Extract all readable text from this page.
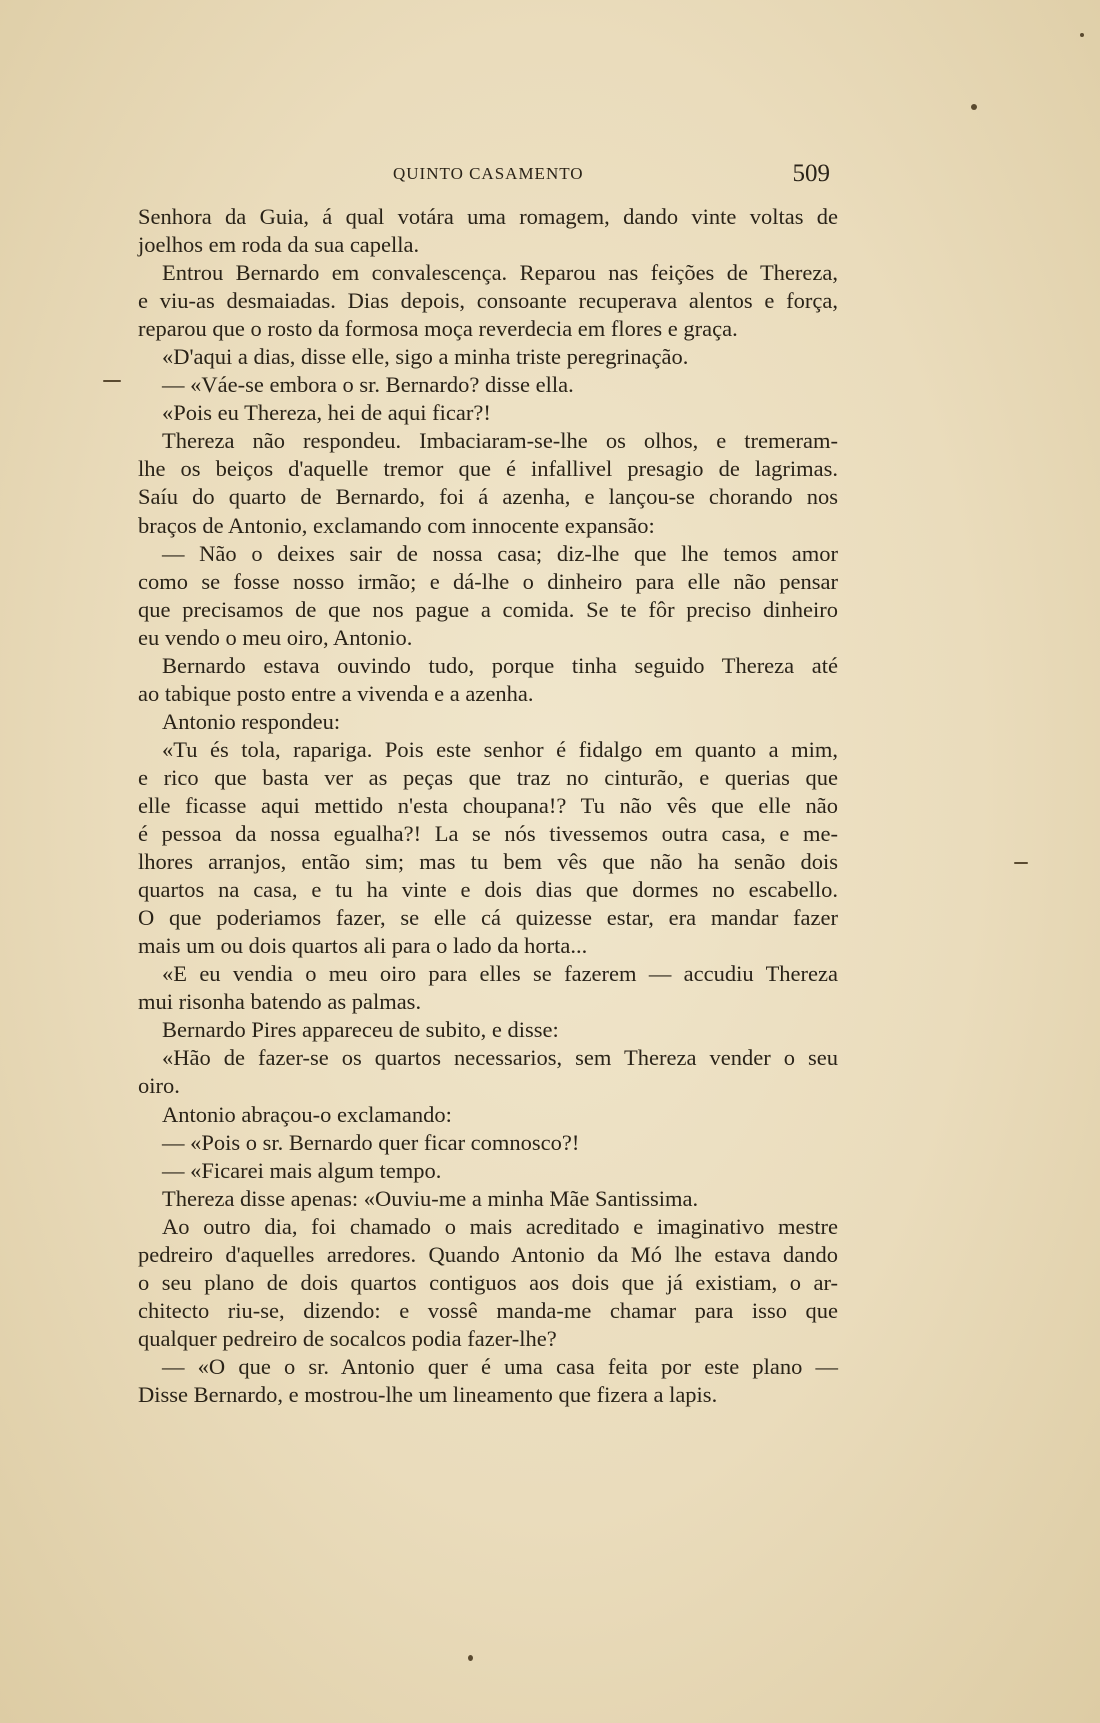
QUINTO CASAMENTO	509
Senhora da Guia, á qual votára uma romagem, dando vinte voltas de
joelhos em roda da sua capella.
Entrou Bernardo em convalescença. Reparou nas feições de Thereza,
e viu-as desmaiadas. Dias depois, consoante recuperava alentos e força,
reparou que o rosto da formosa moça reverdecia em flores e graça.
«D'aqui a dias, disse elle, sigo a minha triste peregrinação.
— «Váe-se embora o sr. Bernardo? disse ella.
«Pois eu Thereza, hei de aqui ficar?!
Thereza não respondeu. Imbaciaram-se-lhe os olhos, e tremeram-
lhe os beiços d'aquelle tremor que é infallivel presagio de lagrimas.
Saíu do quarto de Bernardo, foi á azenha, e lançou-se chorando nos
braços de Antonio, exclamando com innocente expansão:
— Não o deixes sair de nossa casa; diz-lhe que lhe temos amor
como se fosse nosso irmão; e dá-lhe o dinheiro para elle não pensar
que precisamos de que nos pague a comida. Se te fôr preciso dinheiro
eu vendo o meu oiro, Antonio.
Bernardo estava ouvindo tudo, porque tinha seguido Thereza até
ao tabique posto entre a vivenda e a azenha.
Antonio respondeu:
«Tu és tola, rapariga. Pois este senhor é fidalgo em quanto a mim,
e rico que basta ver as peças que traz no cinturão, e querias que
elle ficasse aqui mettido n'esta choupana!? Tu não vês que elle não
é pessoa da nossa egualha?! La se nós tivessemos outra casa, e me-
lhores arranjos, então sim; mas tu bem vês que não ha senão dois
quartos na casa, e tu ha vinte e dois dias que dormes no escabello.
O que poderiamos fazer, se elle cá quizesse estar, era mandar fazer
mais um ou dois quartos ali para o lado da horta...
«E eu vendia o meu oiro para elles se fazerem — accudiu Thereza
mui risonha batendo as palmas.
Bernardo Pires appareceu de subito, e disse:
«Hão de fazer-se os quartos necessarios, sem Thereza vender o seu
oiro.
Antonio abraçou-o exclamando:
— «Pois o sr. Bernardo quer ficar comnosco?!
— «Ficarei mais algum tempo.
Thereza disse apenas: «Ouviu-me a minha Mãe Santissima.
Ao outro dia, foi chamado o mais acreditado e imaginativo mestre
pedreiro d'aquelles arredores. Quando Antonio da Mó lhe estava dando
o seu plano de dois quartos contiguos aos dois que já existiam, o ar-
chitecto riu-se, dizendo: e vossê manda-me chamar para isso que
qualquer pedreiro de socalcos podia fazer-lhe?
— «O que o sr. Antonio quer é uma casa feita por este plano —
Disse Bernardo, e mostrou-lhe um lineamento que fizera a lapis.
